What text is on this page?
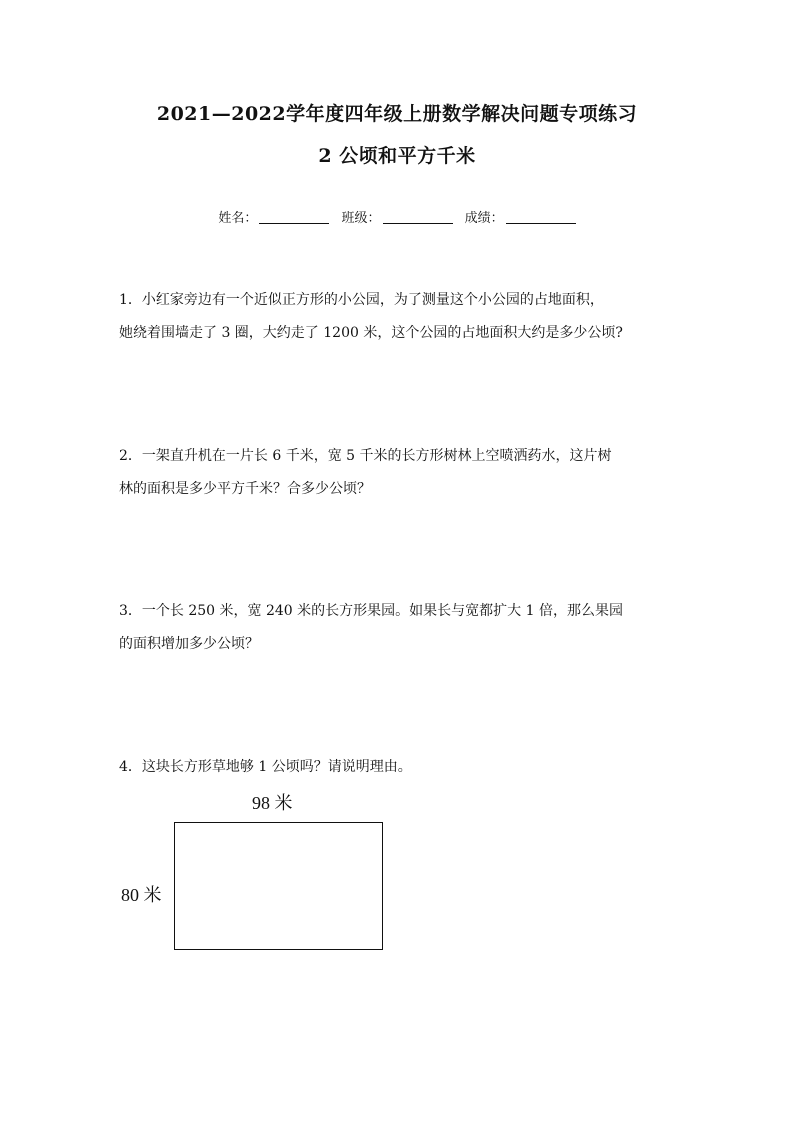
2021—2022学年度四年级上册数学解决问题专项练习
2 公顷和平方千米
姓名：	班级：	成绩：

1．小红家旁边有一个近似正方形的小公园，为了测量这个小公园的占地面积，

她绕着围墙走了 3 圈，大约走了 1200 米，这个公园的占地面积大约是多少公顷?

2．一架直升机在一片长 6 千米，宽 5 千米的长方形树林上空喷洒药水，这片树

林的面积是多少平方千米？合多少公顷？

3．一个长 250 米，宽 240 米的长方形果园。如果长与宽都扩大 1 倍，那么果园

的面积增加多少公顷？

4．这块长方形草地够 1 公顷吗？请说明理由。

98 米
80 米
